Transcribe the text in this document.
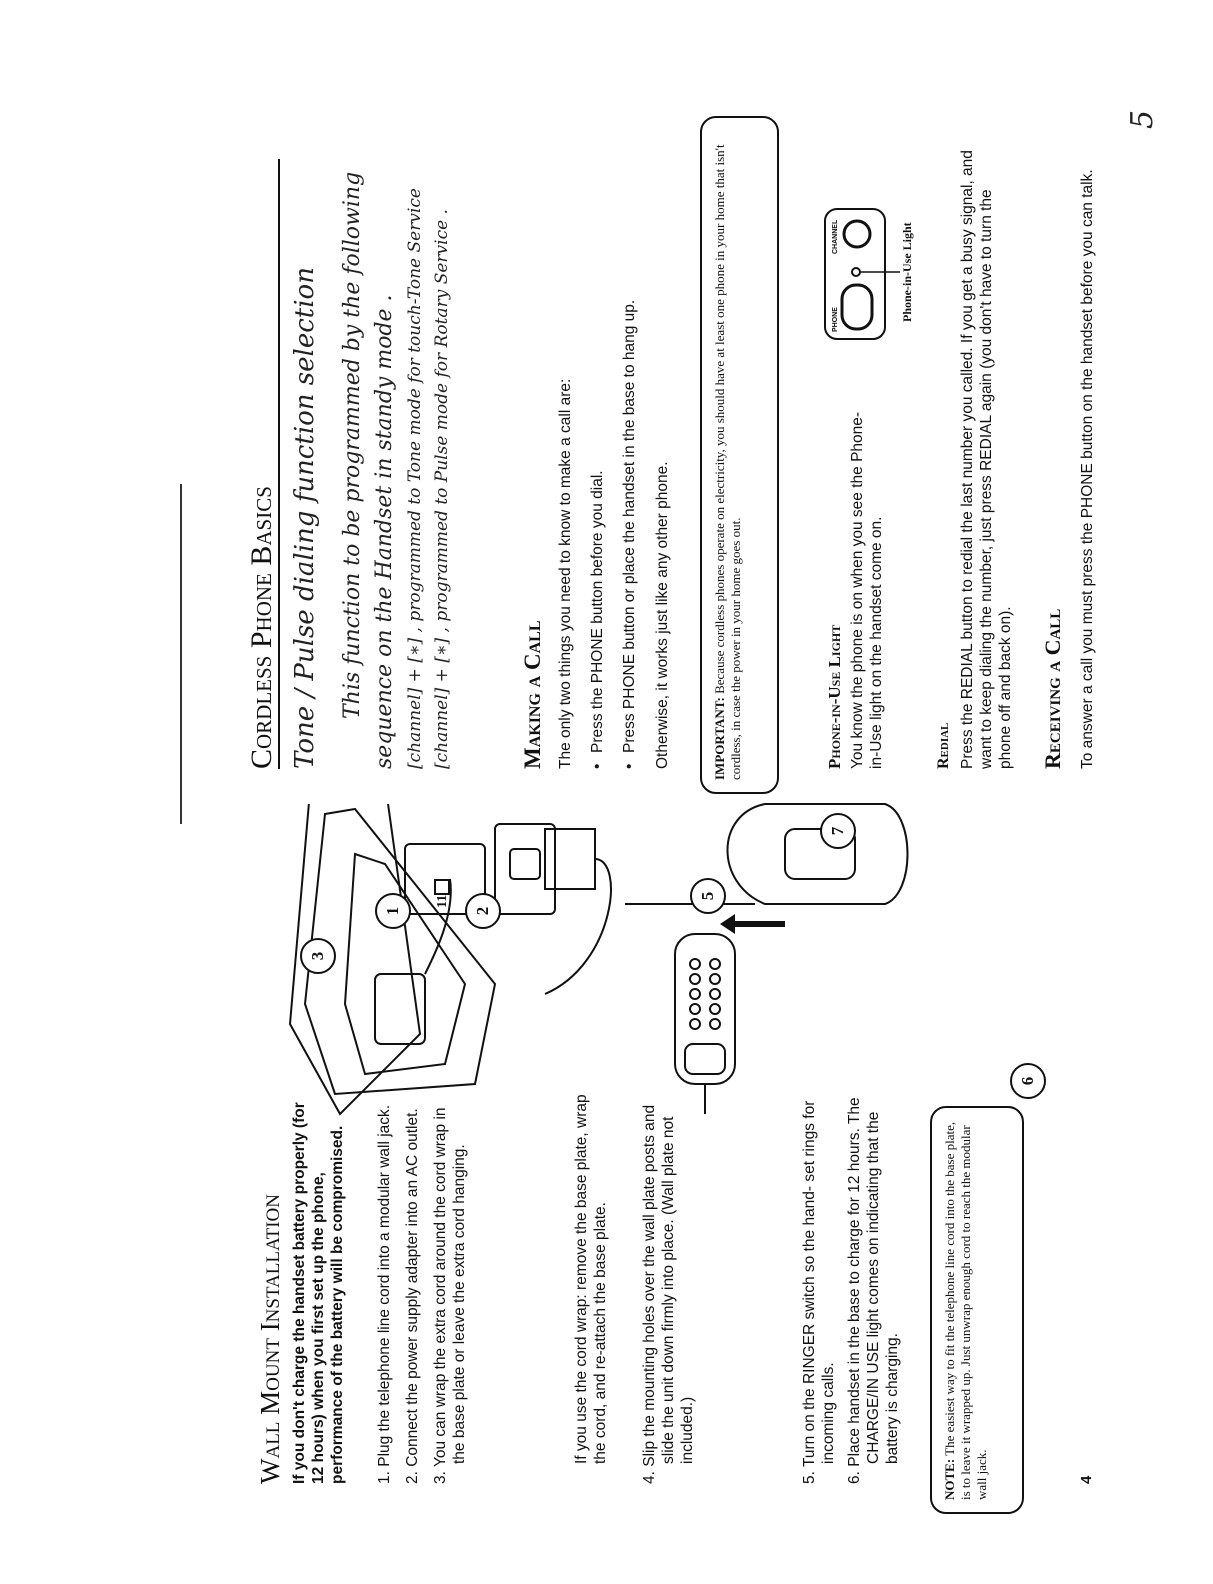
Wall Mount Installation If you don't charge the handset battery properly (for 12 hours) when you first set up the phone, performance of the battery will be compromised. 1. Plug the telephone line cord into a modular wall jack. 2. Connect the power supply adapter into an AC outlet. 3. You can wrap the extra cord around the cord wrap in the base plate or leave the extra cord hanging.	If you use the cord wrap: remove the base plate, wrap the cord, and re-attach the base plate. 4. Slip the mounting holes over the wall plate posts and slide the unit down firmly into place. (Wall plate not included.)	5. Turn on the RINGER switch so the hand- set rings for incoming calls. 6. Place handset in the base to charge for 12 hours. The CHARGE/IN USE light comes on indicating that the battery is charging.
NOTE: The easiest way to fit the telephone line cord into the base plate, is to leave it wrapped up. Just unwrap enough cord to reach the modular wall jack.	4
1	2
3
5
6
7
11
Cordless Phone Basics Tone / Pulse dialing function selection This function to be programmed by the following sequence on the Handset in standy mode . [channel] + [∗] , programmed to Tone mode for touch-Tone Service [channel] + [∗] , programmed to Pulse mode for Rotary Service .	Making a Call The only two things you need to know to make a call are: • Press the PHONE button before you dial. • Press PHONE button or place the handset in the base to hang up. Otherwise, it works just like any other phone.	IMPORTANT: Because cordless phones operate on electricity, you should have at least one phone in your home that isn't cordless, in case the power in your home goes out.	Phone-in-Use Light You know the phone is on when you see the Phone-in-Use light on the handset come on.
PHONE
CHANNEL	Phone-in-Use Light
Redial Press the REDIAL button to redial the last number you called. If you get a busy signal, and want to keep dialing the number, just press REDIAL again (you don't have to turn the phone off and back on). Receiving a Call To answer a call you must press the PHONE button on the handset before you can talk.
5
